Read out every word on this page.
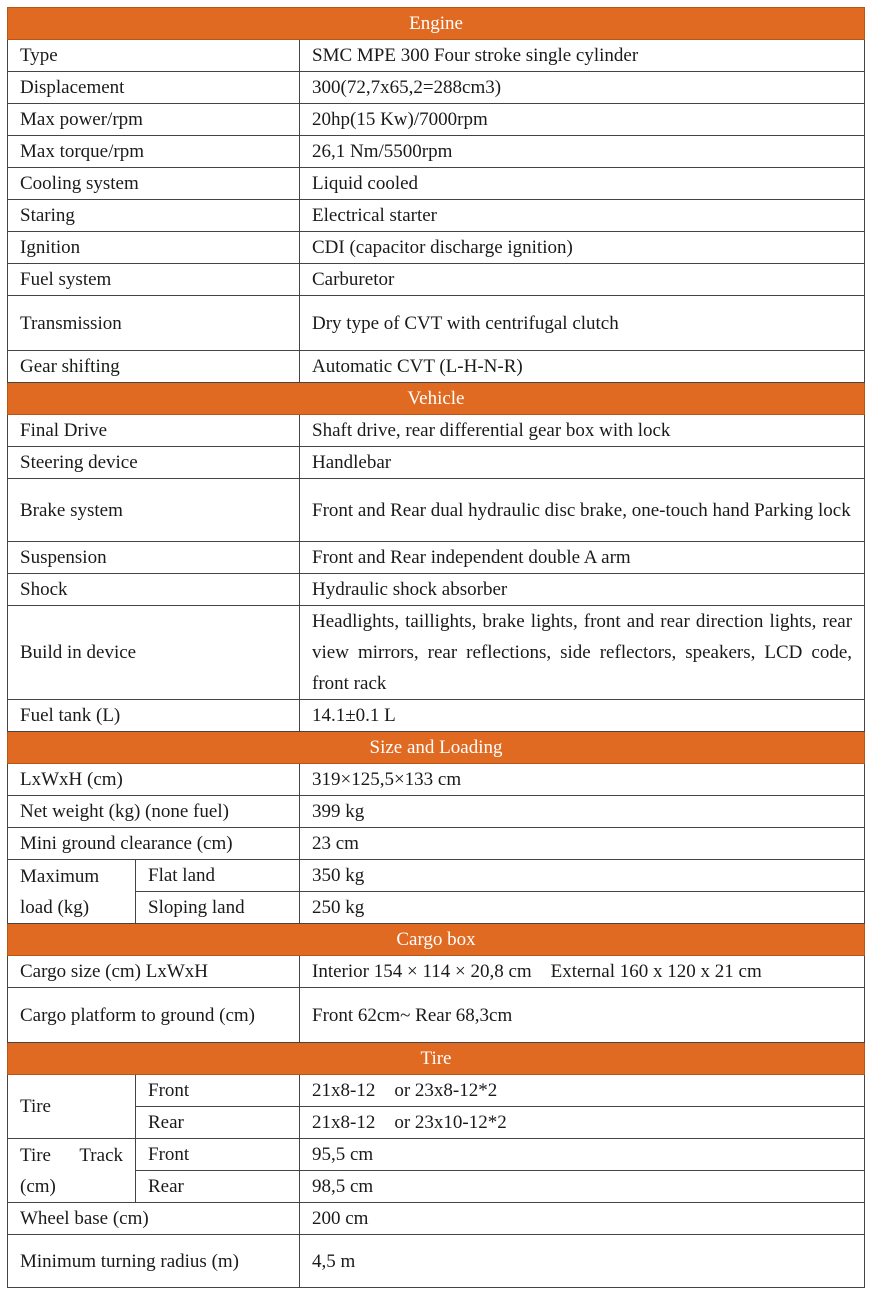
Engine		
Type		SMC MPE 300 Four stroke single cylinder
Displacement		300(72,7x65,2=288cm3)
Max power/rpm		20hp(15 Kw)/7000rpm
Max torque/rpm		26,1 Nm/5500rpm
Cooling system		Liquid cooled
Staring		Electrical starter
Ignition		CDI (capacitor discharge ignition)
Fuel system		Carburetor
Transmission		Dry type of CVT with centrifugal clutch
Gear shifting		Automatic CVT (L-H-N-R)
Vehicle		
Final Drive		Shaft drive, rear differential gear box with lock
Steering device		Handlebar
Brake system		Front and Rear dual hydraulic disc brake, one-touch hand Parking lock
Suspension		Front and Rear independent double A arm
Shock		Hydraulic shock absorber
Build in device		Headlights, taillights, brake lights, front and rear direction lights, rear view mirrors, rear reflections, side reflectors, speakers, LCD code, front rack
Fuel tank (L)		14.1±0.1 L
Size and Loading		
LxWxH (cm)		319×125,5×133 cm
Net weight (kg) (none fuel)		399 kg
Mini ground clearance (cm)		23 cm
Maximum load (kg)	Flat land	350 kg
	Sloping land	250 kg
Cargo box		
Cargo size (cm) LxWxH		Interior 154 × 114 × 20,8 cm    External 160 x 120 x 21 cm
Cargo platform to ground (cm)		Front 62cm~ Rear 68,3cm
Tire		
Tire	Front	21x8-12    or 23x8-12*2
	Rear	21x8-12    or 23x10-12*2
Tire Track (cm)	Front	95,5 cm
	Rear	98,5 cm
Wheel base (cm)		200 cm
Minimum turning radius (m)		4,5 m
